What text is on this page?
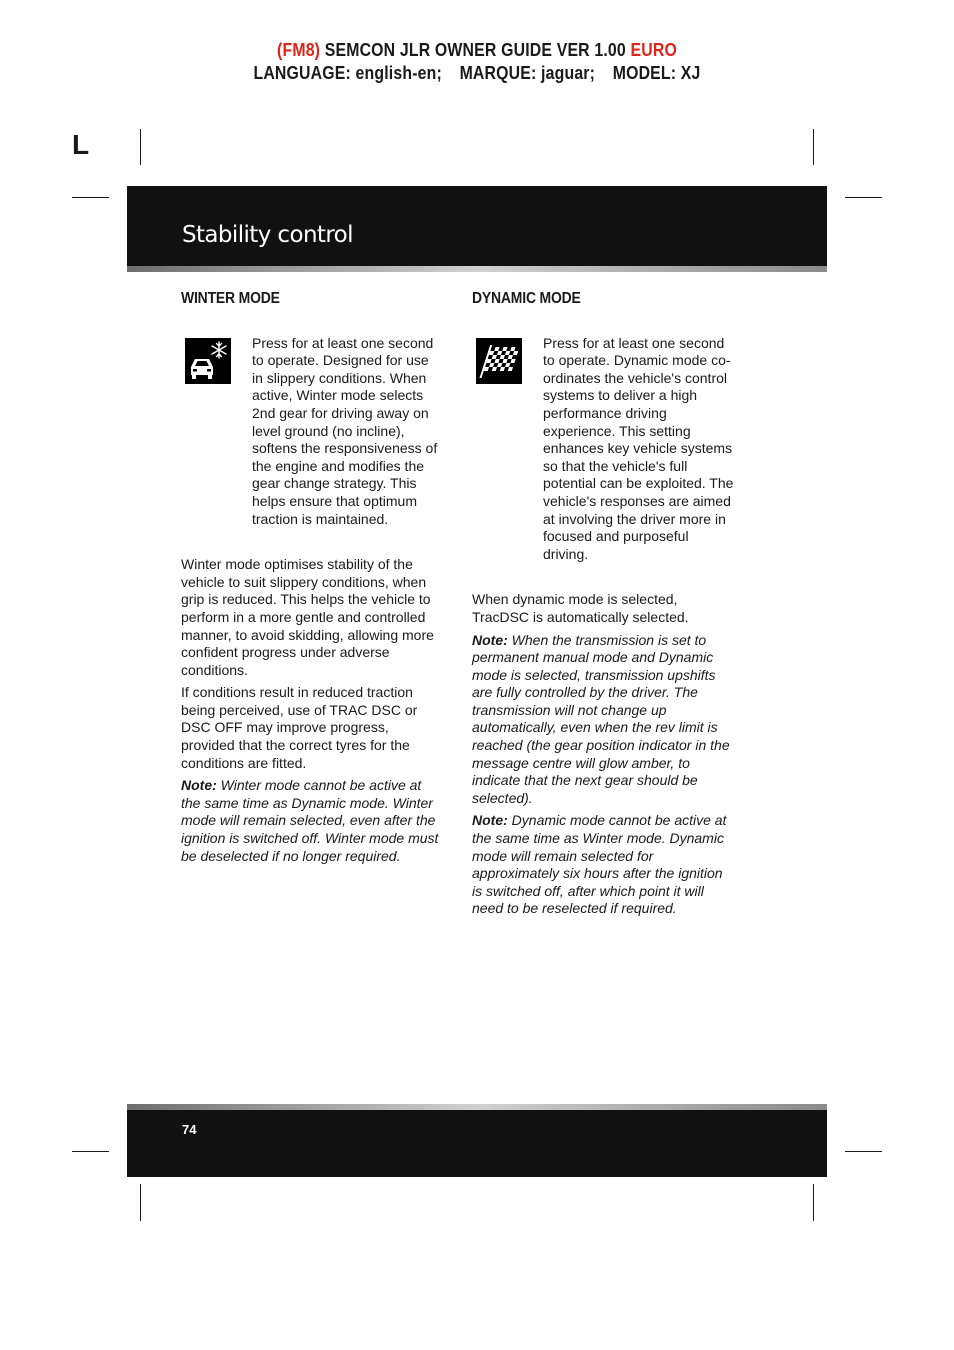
(FM8) SEMCON JLR OWNER GUIDE VER 1.00 EURO
LANGUAGE: english-en; MARQUE: jaguar; MODEL: XJ
L
Stability control
WINTER MODE
Press for at least one second to operate. Designed for use in slippery conditions. When active, Winter mode selects 2nd gear for driving away on level ground (no incline), softens the responsiveness of the engine and modifies the gear change strategy. This helps ensure that optimum traction is maintained.

Winter mode optimises stability of the vehicle to suit slippery conditions, when grip is reduced. This helps the vehicle to perform in a more gentle and controlled manner, to avoid skidding, allowing more confident progress under adverse conditions.

If conditions result in reduced traction being perceived, use of TRAC DSC or DSC OFF may improve progress, provided that the correct tyres for the conditions are fitted.

Note: Winter mode cannot be active at the same time as Dynamic mode. Winter mode will remain selected, even after the ignition is switched off. Winter mode must be deselected if no longer required.

DYNAMIC MODE
Press for at least one second to operate. Dynamic mode co-ordinates the vehicle's control systems to deliver a high performance driving experience. This setting enhances key vehicle systems so that the vehicle's full potential can be exploited. The vehicle's responses are aimed at involving the driver more in focused and purposeful driving.

When dynamic mode is selected, TracDSC is automatically selected.

Note: When the transmission is set to permanent manual mode and Dynamic mode is selected, transmission upshifts are fully controlled by the driver. The transmission will not change up automatically, even when the rev limit is reached (the gear position indicator in the message centre will glow amber, to indicate that the next gear should be selected).

Note: Dynamic mode cannot be active at the same time as Winter mode. Dynamic mode will remain selected for approximately six hours after the ignition is switched off, after which point it will need to be reselected if required.

74
